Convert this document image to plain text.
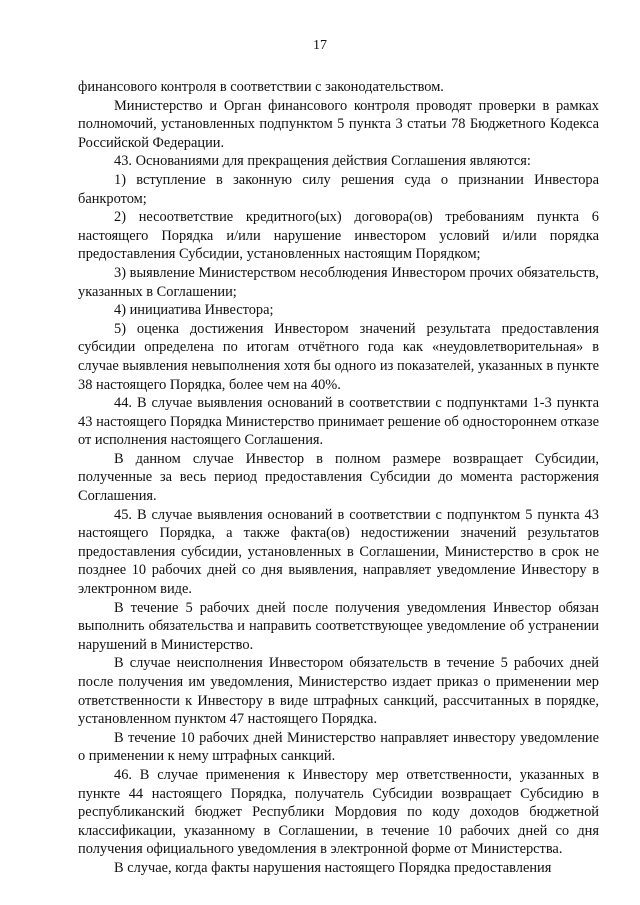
17

финансового контроля в соответствии с законодательством.

Министерство и Орган финансового контроля проводят проверки в рамках полномочий, установленных подпунктом 5 пункта 3 статьи 78 Бюджетного Кодекса Российской Федерации.

43. Основаниями для прекращения действия Соглашения являются:

1) вступление в законную силу решения суда о признании Инвестора банкротом;

2) несоответствие кредитного(ых) договора(ов) требованиям пункта 6 настоящего Порядка и/или нарушение инвестором условий и/или порядка предоставления Субсидии, установленных настоящим Порядком;

3) выявление Министерством несоблюдения Инвестором прочих обязательств, указанных в Соглашении;

4) инициатива Инвестора;

5) оценка достижения Инвестором значений результата предоставления субсидии определена по итогам отчётного года как «неудовлетворительная» в случае выявления невыполнения хотя бы одного из показателей, указанных в пункте 38 настоящего Порядка, более чем на 40%.

44. В случае выявления оснований в соответствии с подпунктами 1-3 пункта 43 настоящего Порядка Министерство принимает решение об одностороннем отказе от исполнения настоящего Соглашения.

В данном случае Инвестор в полном размере возвращает Субсидии, полученные за весь период предоставления Субсидии до момента расторжения Соглашения.

45. В случае выявления оснований в соответствии с подпунктом 5 пункта 43 настоящего Порядка, а также факта(ов) недостижении значений результатов предоставления субсидии, установленных в Соглашении, Министерство в срок не позднее 10 рабочих дней со дня выявления, направляет уведомление Инвестору в электронном виде.

В течение 5 рабочих дней после получения уведомления Инвестор обязан выполнить обязательства и направить соответствующее уведомление об устранении нарушений в Министерство.

В случае неисполнения Инвестором обязательств в течение 5 рабочих дней после получения им уведомления, Министерство издает приказ о применении мер ответственности к Инвестору в виде штрафных санкций, рассчитанных в порядке, установленном пунктом 47 настоящего Порядка.

В течение 10 рабочих дней Министерство направляет инвестору уведомление о применении к нему штрафных санкций.

46. В случае применения к Инвестору мер ответственности, указанных в пункте 44 настоящего Порядка, получатель Субсидии возвращает Субсидию в республиканский бюджет Республики Мордовия по коду доходов бюджетной классификации, указанному в Соглашении, в течение 10 рабочих дней со дня получения официального уведомления в электронной форме от Министерства.

В случае, когда факты нарушения настоящего Порядка предоставления
